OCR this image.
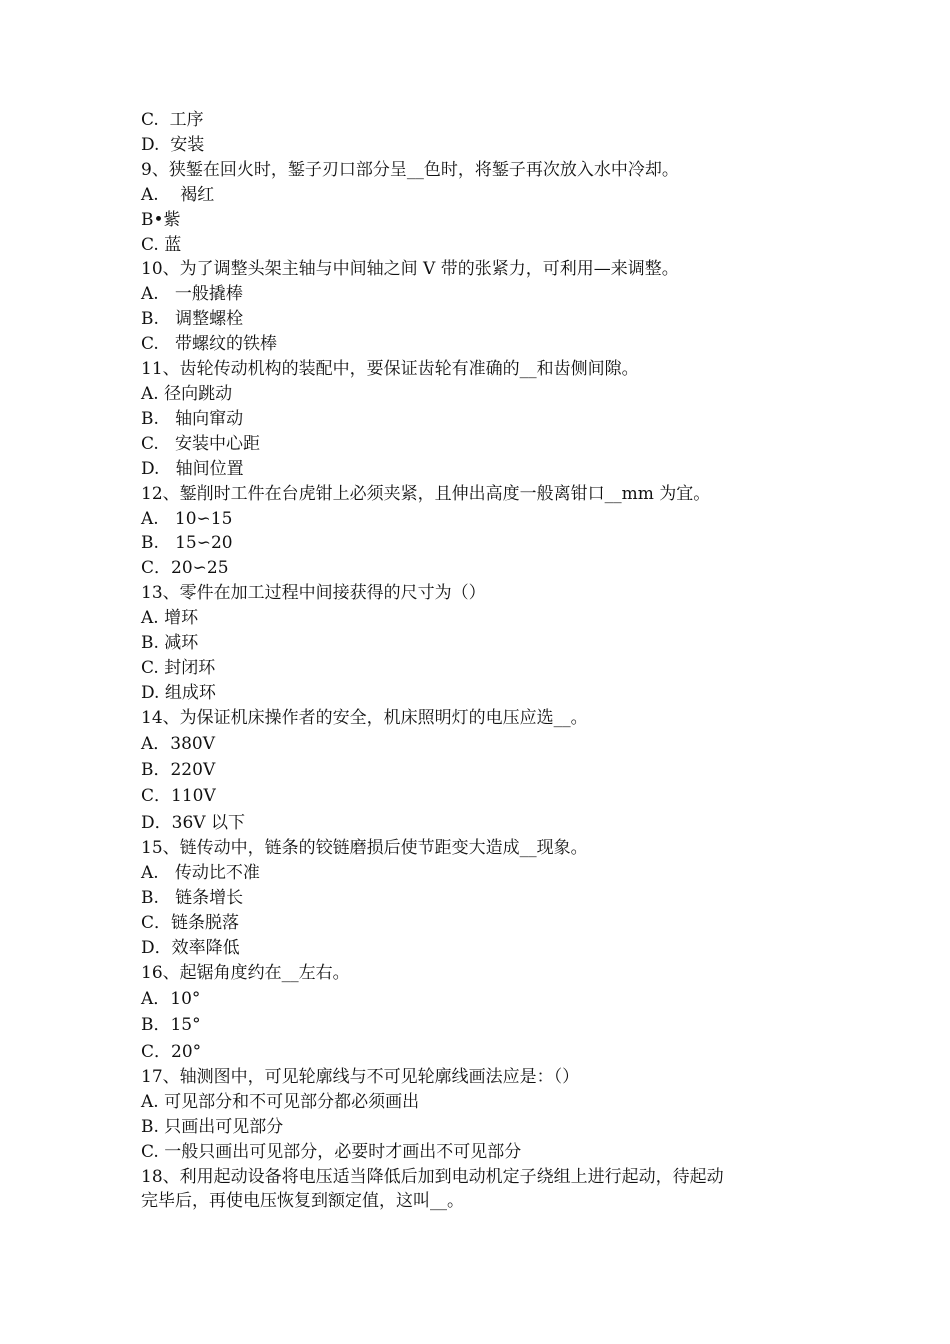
C.  工序

D.  安装

9、狭錾在回火时，錾子刃口部分呈__色时，将錾子再次放入水中冷却。

A.    褐红

B•紫

C. 蓝

10、为了调整头架主轴与中间轴之间 V 带的张紧力，可利用—来调整。

A.   一般撬棒

B.   调整螺栓

C.   带螺纹的铁棒

11、齿轮传动机构的装配中，要保证齿轮有准确的__和齿侧间隙。

A. 径向跳动

B.   轴向窜动

C.   安装中心距

D.   轴间位置

12、錾削时工件在台虎钳上必须夹紧，且伸出高度一般离钳口__mm 为宜。

A.   10∽15

B.   15∽20

C．20∽25

13、零件在加工过程中间接获得的尺寸为（）

A. 增环

B. 减环

C. 封闭环

D. 组成环

14、为保证机床操作者的安全，机床照明灯的电压应选__。

A．380V

B．220V

C．110V

D．36V 以下

15、链传动中，链条的铰链磨损后使节距变大造成__现象。

A.   传动比不准

B.   链条增长

C．链条脱落

D．效率降低

16、起锯角度约在__左右。

A．10°

B．15°

C．20°

17、轴测图中，可见轮廓线与不可见轮廓线画法应是：（）

A. 可见部分和不可见部分都必须画出

B. 只画出可见部分

C. 一般只画出可见部分，必要时才画出不可见部分

18、利用起动设备将电压适当降低后加到电动机定子绕组上进行起动，待起动

完毕后，再使电压恢复到额定值，这叫__。
